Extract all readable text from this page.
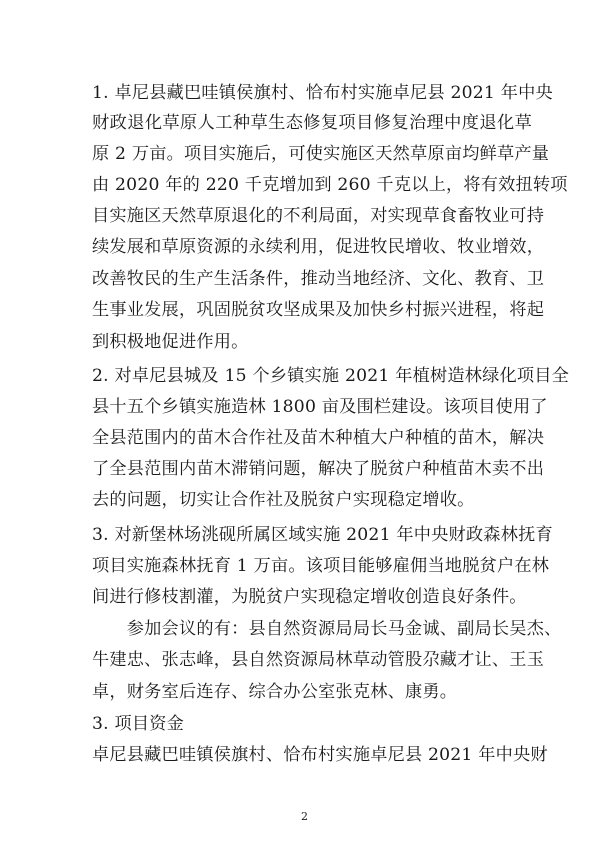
1. 卓尼县藏巴哇镇侯旗村、恰布村实施卓尼县 2021 年中央
财政退化草原人工种草生态修复项目修复治理中度退化草
原 2 万亩。项目实施后，可使实施区天然草原亩均鲜草产量
由 2020 年的 220 千克增加到 260 千克以上，将有效扭转项
目实施区天然草原退化的不利局面，对实现草食畜牧业可持
续发展和草原资源的永续利用，促进牧民增收、牧业增效，
改善牧民的生产生活条件，推动当地经济、文化、教育、卫
生事业发展，巩固脱贫攻坚成果及加快乡村振兴进程，将起
到积极地促进作用。
2. 对卓尼县城及 15 个乡镇实施 2021 年植树造林绿化项目全
县十五个乡镇实施造林 1800 亩及围栏建设。该项目使用了
全县范围内的苗木合作社及苗木种植大户种植的苗木，解决
了全县范围内苗木滞销问题，解决了脱贫户种植苗木卖不出
去的问题，切实让合作社及脱贫户实现稳定增收。
3. 对新堡林场洮砚所属区域实施 2021 年中央财政森林抚育
项目实施森林抚育 1 万亩。该项目能够雇佣当地脱贫户在林
间进行修枝割灌，为脱贫户实现稳定增收创造良好条件。
　　参加会议的有：县自然资源局局长马金诚、副局长吴杰、
牛建忠、张志峰，县自然资源局林草动管股尕藏才让、王玉
卓，财务室后连存、综合办公室张克林、康勇。
3. 项目资金
卓尼县藏巴哇镇侯旗村、恰布村实施卓尼县 2021 年中央财
2
